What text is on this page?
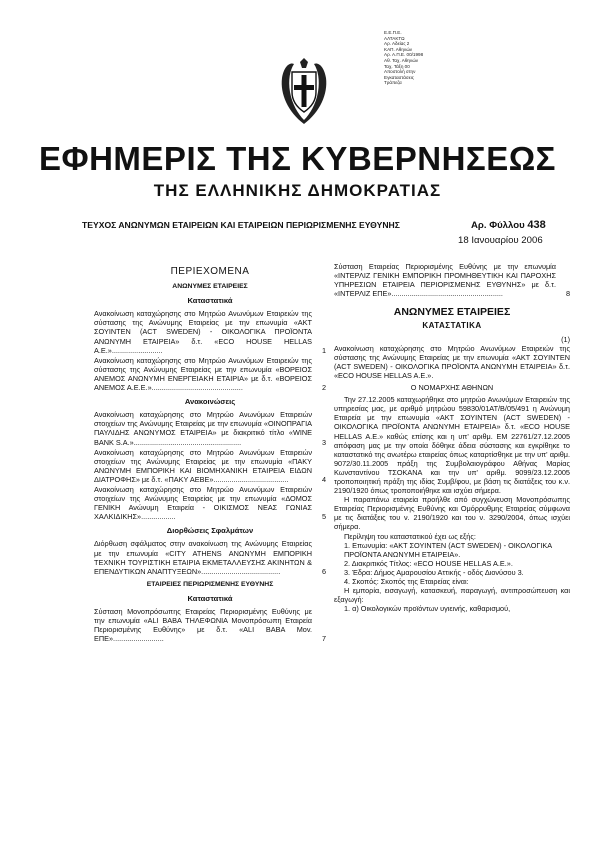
Ε.Ε.Π.Ε.
ΑΛΤΑΚΤΩ
Αρ. Αδείας 2
ΚΑΠ. Αθηνών
Αρ. Α.Π.Ε. 00/1998
Αθ. Ταχ. Αθηνών
Ταχ. Τάξη 00
Αποστολή στην
Εγκαταστάσεις
Τράπεζα
ΕΦΗΜΕΡΙΣ ΤΗΣ ΚΥΒΕΡΝΗΣΕΩΣ
ΤΗΣ ΕΛΛΗΝΙΚΗΣ ΔΗΜΟΚΡΑΤΙΑΣ
ΤΕΥΧΟΣ ΑΝΩΝΥΜΩΝ ΕΤΑΙΡΕΙΩΝ ΚΑΙ ΕΤΑΙΡΕΙΩΝ ΠΕΡΙΩΡΙΣΜΕΝΗΣ ΕΥΘΥΝΗΣ	Αρ. Φύλλου 438
18 Ιανουαρίου 2006
ΠΕΡΙΕΧΟΜΕΝΑ
ΑΝΩΝΥΜΕΣ ΕΤΑΙΡΕΙΕΣ
Καταστατικά
Ανακοίνωση καταχώρησης στο Μητρώο Ανωνύμων Εταιρειών της σύστασης της Ανώνυμης Εταιρείας με την επωνυμία «ΑΚΤ ΣΟΥΙΝΤΕΝ (ACT SWEDEN) - ΟΙΚΟΛΟΓΙΚΑ ΠΡΟΪΟΝΤΑ ΑΝΩΝΥΜΗ ΕΤΑΙΡΕΙΑ» δ.τ. «ECO HOUSE HELLAS A.E.».........................	1
Ανακοίνωση καταχώρησης στο Μητρώο Ανωνύμων Εταιρειών της σύστασης της Ανώνυμης Εταιρείας με την επωνυμία «ΒΟΡΕΙΟΣ ΑΝΕΜΟΣ ΑΝΩΝΥΜΗ ΕΝΕΡΓΕΙΑΚΗ ΕΤΑΙΡΙΑ» με δ.τ. «ΒΟΡΕΙΟΣ ΑΝΕΜΟΣ Α.Ε.Ε.».............................................	2
Ανακοινώσεις
Ανακοίνωση καταχώρησης στο Μητρώο Ανωνύμων Εταιρειών στοιχείων της Ανώνυμης Εταιρείας με την επωνυμία «ΟΙΝΟΠΡΑΓΙΑ ΠΑΥΛΙΔΗΣ ΑΝΩΝΥΜΟΣ ΕΤΑΙΡΕΙΑ» με διακριτικό τίτλο «WINE BANK S.A.».....................................................	3
Ανακοίνωση καταχώρησης στο Μητρώο Ανωνύμων Εταιρειών στοιχείων της Ανώνυμης Εταιρείας με την επωνυμία «ΠΑΚΥ ΑΝΩΝΥΜΗ ΕΜΠΟΡΙΚΗ ΚΑΙ ΒΙΟΜΗΧΑΝΙΚΗ ΕΤΑΙΡΕΙΑ ΕΙΔΩΝ ΔΙΑΤΡΟΦΗΣ» με δ.τ. «ΠΑΚΥ ΑΕΒΕ».....................................	4
Ανακοίνωση καταχώρησης στο Μητρώο Ανωνύμων Εταιρειών στοιχείων της Ανώνυμης Εταιρείας με την επωνυμία «ΔΟΜΟΣ ΓΕΝΙΚΗ Ανώνυμη Εταιρεία - ΟΙΚΙΣΜΟΣ ΝΕΑΣ ΓΩΝΙΑΣ ΧΑΛΚΙΔΙΚΗΣ».................	5
Διορθώσεις Σφαλμάτων
Διόρθωση σφάλματος στην ανακοίνωση της Ανώνυμης Εταιρείας με την επωνυμία «CITY ATHENS ΑΝΩΝΥΜΗ ΕΜΠΟΡΙΚΗ ΤΕΧΝΙΚΗ ΤΟΥΡΙΣΤΙΚΗ ΕΤΑΙΡΙΑ ΕΚΜΕΤΑΛΛΕΥΣΗΣ ΑΚΙΝΗΤΩΝ & ΕΠΕΝΔΥΤΙΚΩΝ ΑΝΑΠΤΥΞΕΩΝ».......................................	6
ΕΤΑΙΡΕΙΕΣ ΠΕΡΙΩΡΙΣΜΕΝΗΣ ΕΥΘΥΝΗΣ
Καταστατικά
Σύσταση Μονοπρόσωπης Εταιρείας Περιορισμένης Ευθύνης με την επωνυμία «ALI BABA ΤΗΛΕΦΩΝΙΑ Μονοπρόσωπη Εταιρεία Περιορισμένης Ευθύνης» με δ.τ. «ALI BABA Mov. ΕΠΕ».........................	7
Σύσταση Εταιρείας Περιορισμένης Ευθύνης με την επωνυμία «ΙΝΤΕΡΛΙΖ ΓΕΝΙΚΗ ΕΜΠΟΡΙΚΗ ΠΡΟΜΗΘΕΥΤΙΚΗ ΚΑΙ ΠΑΡΟΧΗΣ ΥΠΗΡΕΣΙΩΝ ΕΤΑΙΡΕΙΑ ΠΕΡΙΟΡΙΣΜΕΝΗΣ ΕΥΘΥΝΗΣ» με δ.τ. «ΙΝΤΕΡΛΙΖ ΕΠΕ».......................................................	8
ΑΝΩΝΥΜΕΣ ΕΤΑΙΡΕΙΕΣ
ΚΑΤΑΣΤΑΤΙΚΑ
(1)
Ανακοίνωση καταχώρησης στο Μητρώο Ανωνύμων Εταιρειών της σύστασης της Ανώνυμης Εταιρείας με την επωνυμία «ΑΚΤ ΣΟΥΙΝΤΕΝ (ACT SWEDEN) - ΟΙΚΟΛΟΓΙΚΑ ΠΡΟΪΟΝΤΑ ΑΝΩΝΥΜΗ ΕΤΑΙΡΕΙΑ» δ.τ. «ECO HOUSE HELLAS A.E.».
Ο ΝΟΜΑΡΧΗΣ ΑΘΗΝΩΝ
Την 27.12.2005 καταχωρήθηκε στο μητρώο Ανωνύμων Εταιρειών της υπηρεσίας μας, με αριθμό μητρώου 59830/01ΑΤ/Β/05/491 η Ανώνυμη Εταιρεία με την επωνυμία «ΑΚΤ ΣΟΥΙΝΤΕΝ (ACT SWEDEN) - ΟΙΚΟΛΟΓΙΚΑ ΠΡΟΪΟΝΤΑ ΑΝΩΝΥΜΗ ΕΤΑΙΡΕΙΑ» δ.τ. «ECO HOUSE HELLAS A.E.» καθώς επίσης και η υπ' αριθμ. ΕΜ 22761/27.12.2005 απόφαση μας με την οποία δόθηκε άδεια σύστασης και εγκρίθηκε το καταστατικό της ανωτέρω εταιρείας όπως καταρτίσθηκε με την υπ' αριθμ. 9072/30.11.2005 πράξη της Συμβολαιογράφου Αθήνας Μαρίας Κωνσταντίνου ΤΣΟΚΑΝΑ και την υπ' αριθμ. 9099/23.12.2005 τροποποιητική πράξη της ιδίας Συμβ/φου, με βάση τις διατάξεις του κ.ν. 2190/1920 όπως τροποποιήθηκε και ισχύει σήμερα.
Η παραπάνω εταιρεία προήλθε από συγχώνευση Μονοπρόσωπης Εταιρείας Περιορισμένης Ευθύνης και Ομόρρυθμης Εταιρείας σύμφωνα με τις διατάξεις του ν. 2190/1920 και του ν. 3290/2004, όπως ισχύει σήμερα.
Περίληψη του καταστατικού έχει ως εξής:
1. Επωνυμία: «ΑΚΤ ΣΟΥΙΝΤΕΝ (ACT SWEDEN) - ΟΙΚΟΛΟΓΙΚΑ ΠΡΟΪΟΝΤΑ ΑΝΩΝΥΜΗ ΕΤΑΙΡΕΙΑ».
2. Διακριτικός Τίτλος: «ECO HOUSE HELLAS A.E.».
3. Έδρα: Δήμος Αμαρουσίου Αττικής - οδός Διονύσου 3.
4. Σκοπός: Σκοπός της Εταιρείας είναι:
Η εμπορία, εισαγωγή, κατασκευή, παραγωγή, αντιπροσώπευση και εξαγωγή:
1. α) Οικολογικών προϊόντων υγιεινής, καθαρισμού,
